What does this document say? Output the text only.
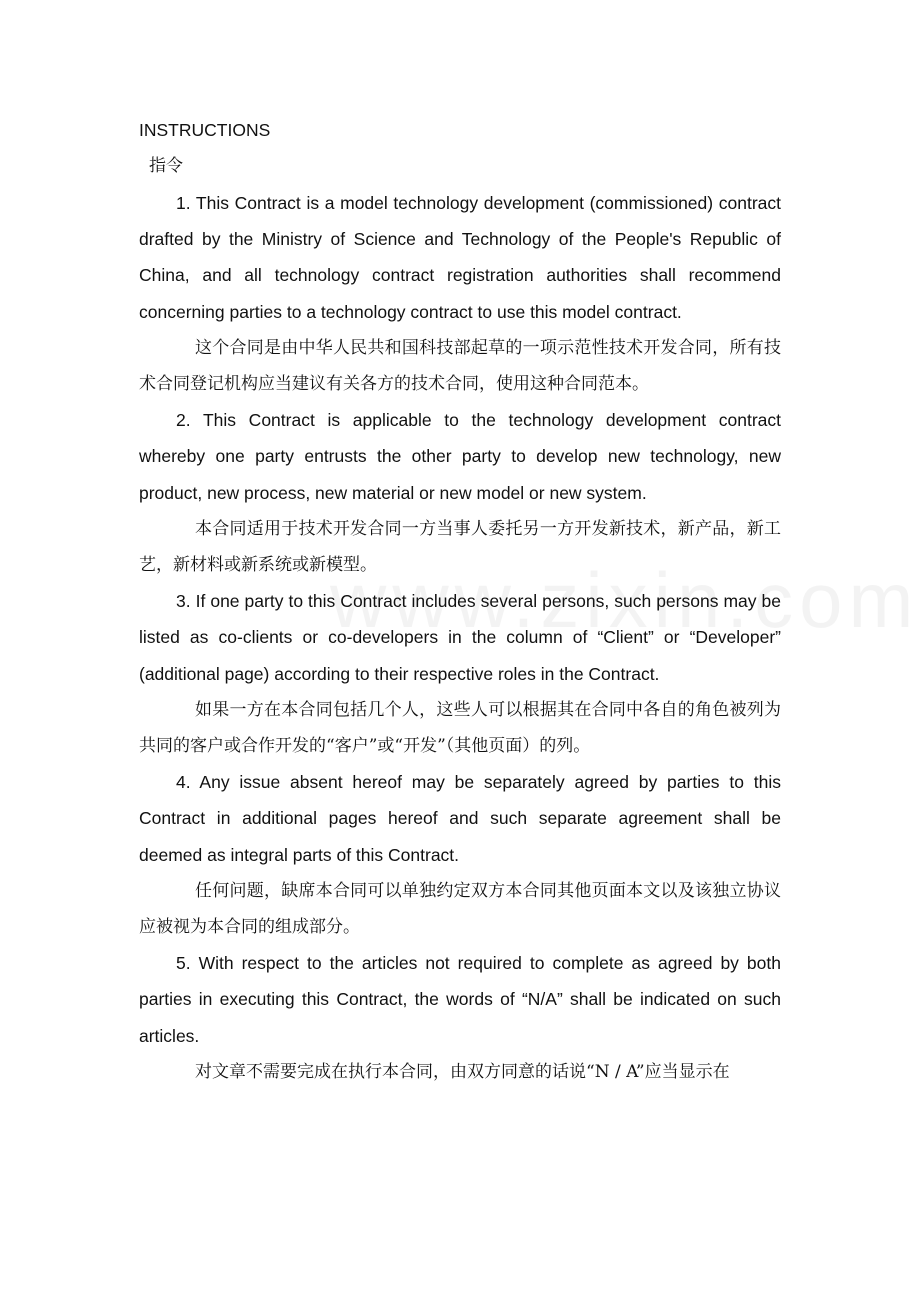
INSTRUCTIONS

指令

1. This Contract is a model technology development (commissioned) contract drafted by the Ministry of Science and Technology of the People's Republic of China, and all technology contract registration authorities shall recommend concerning parties to a technology contract to use this model contract.

这个合同是由中华人民共和国科技部起草的一项示范性技术开发合同，所有技术合同登记机构应当建议有关各方的技术合同，使用这种合同范本。

2. This Contract is applicable to the technology development contract whereby one party entrusts the other party to develop new technology, new product, new process, new material or new model or new system.

本合同适用于技术开发合同一方当事人委托另一方开发新技术，新产品，新工艺，新材料或新系统或新模型。

3. If one party to this Contract includes several persons, such persons may be listed as co-clients or co-developers in the column of “Client” or “Developer” (additional page) according to their respective roles in the Contract.

如果一方在本合同包括几个人，这些人可以根据其在合同中各自的角色被列为共同的客户或合作开发的“客户”或“开发”（其他页面）的列。

4. Any issue absent hereof may be separately agreed by parties to this Contract in additional pages hereof and such separate agreement shall be deemed as integral parts of this Contract.

任何问题，缺席本合同可以单独约定双方本合同其他页面本文以及该独立协议应被视为本合同的组成部分。

5. With respect to the articles not required to complete as agreed by both parties in executing this Contract, the words of “N/A” shall be indicated on such articles.

对文章不需要完成在执行本合同，由双方同意的话说“N / A”应当显示在
